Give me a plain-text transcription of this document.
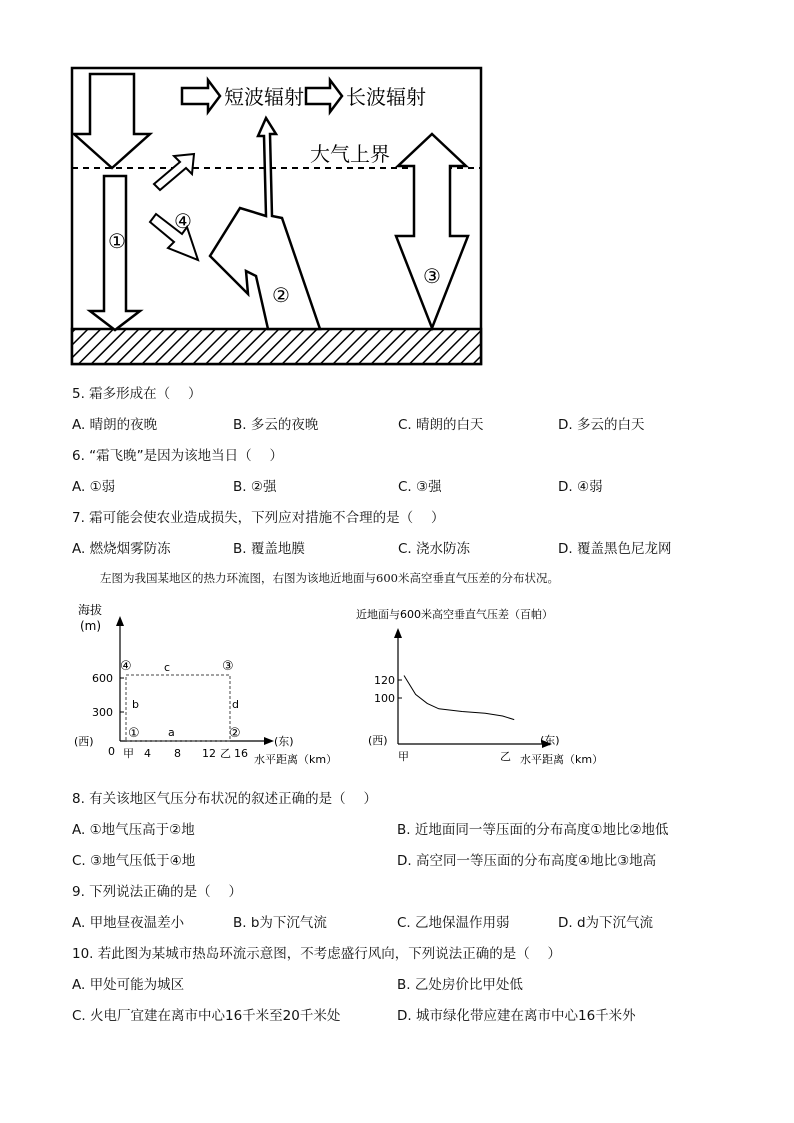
短波辐射 长波辐射
大气上界
①
②
③
④
5. 霜多形成在（　 ）
A. 晴朗的夜晚	B. 多云的夜晚	C. 晴朗的白天	D. 多云的白天
6. “霜飞晚”是因为该地当日（　 ）
A. ①弱	B. ②强	C. ③强	D. ④弱
7. 霜可能会使农业造成损失，下列应对措施不合理的是（　 ）
A. 燃烧烟雾防冻	B. 覆盖地膜	C. 浇水防冻	D. 覆盖黑色尼龙网
左图为我国某地区的热力环流图，右图为该地近地面与600米高空垂直气压差的分布状况。
海拔
(m)
600
300
0
④	③
①	②
c
b	d
a
(西)	(东)
甲 4 8 12 乙 16 水平距离（km）
近地面与600米高空垂直气压差（百帕）
120
100
(西)	(东)
甲	乙 水平距离（km）
8. 有关该地区气压分布状况的叙述正确的是（　 ）
A. ①地气压高于②地	B. 近地面同一等压面的分布高度①地比②地低
C. ③地气压低于④地	D. 高空同一等压面的分布高度④地比③地高
9. 下列说法正确的是（　 ）
A. 甲地昼夜温差小	B. b为下沉气流	C. 乙地保温作用弱	D. d为下沉气流
10. 若此图为某城市热岛环流示意图，不考虑盛行风向，下列说法正确的是（　 ）
A. 甲处可能为城区	B. 乙处房价比甲处低
C. 火电厂宜建在离市中心16千米至20千米处	D. 城市绿化带应建在离市中心16千米外
